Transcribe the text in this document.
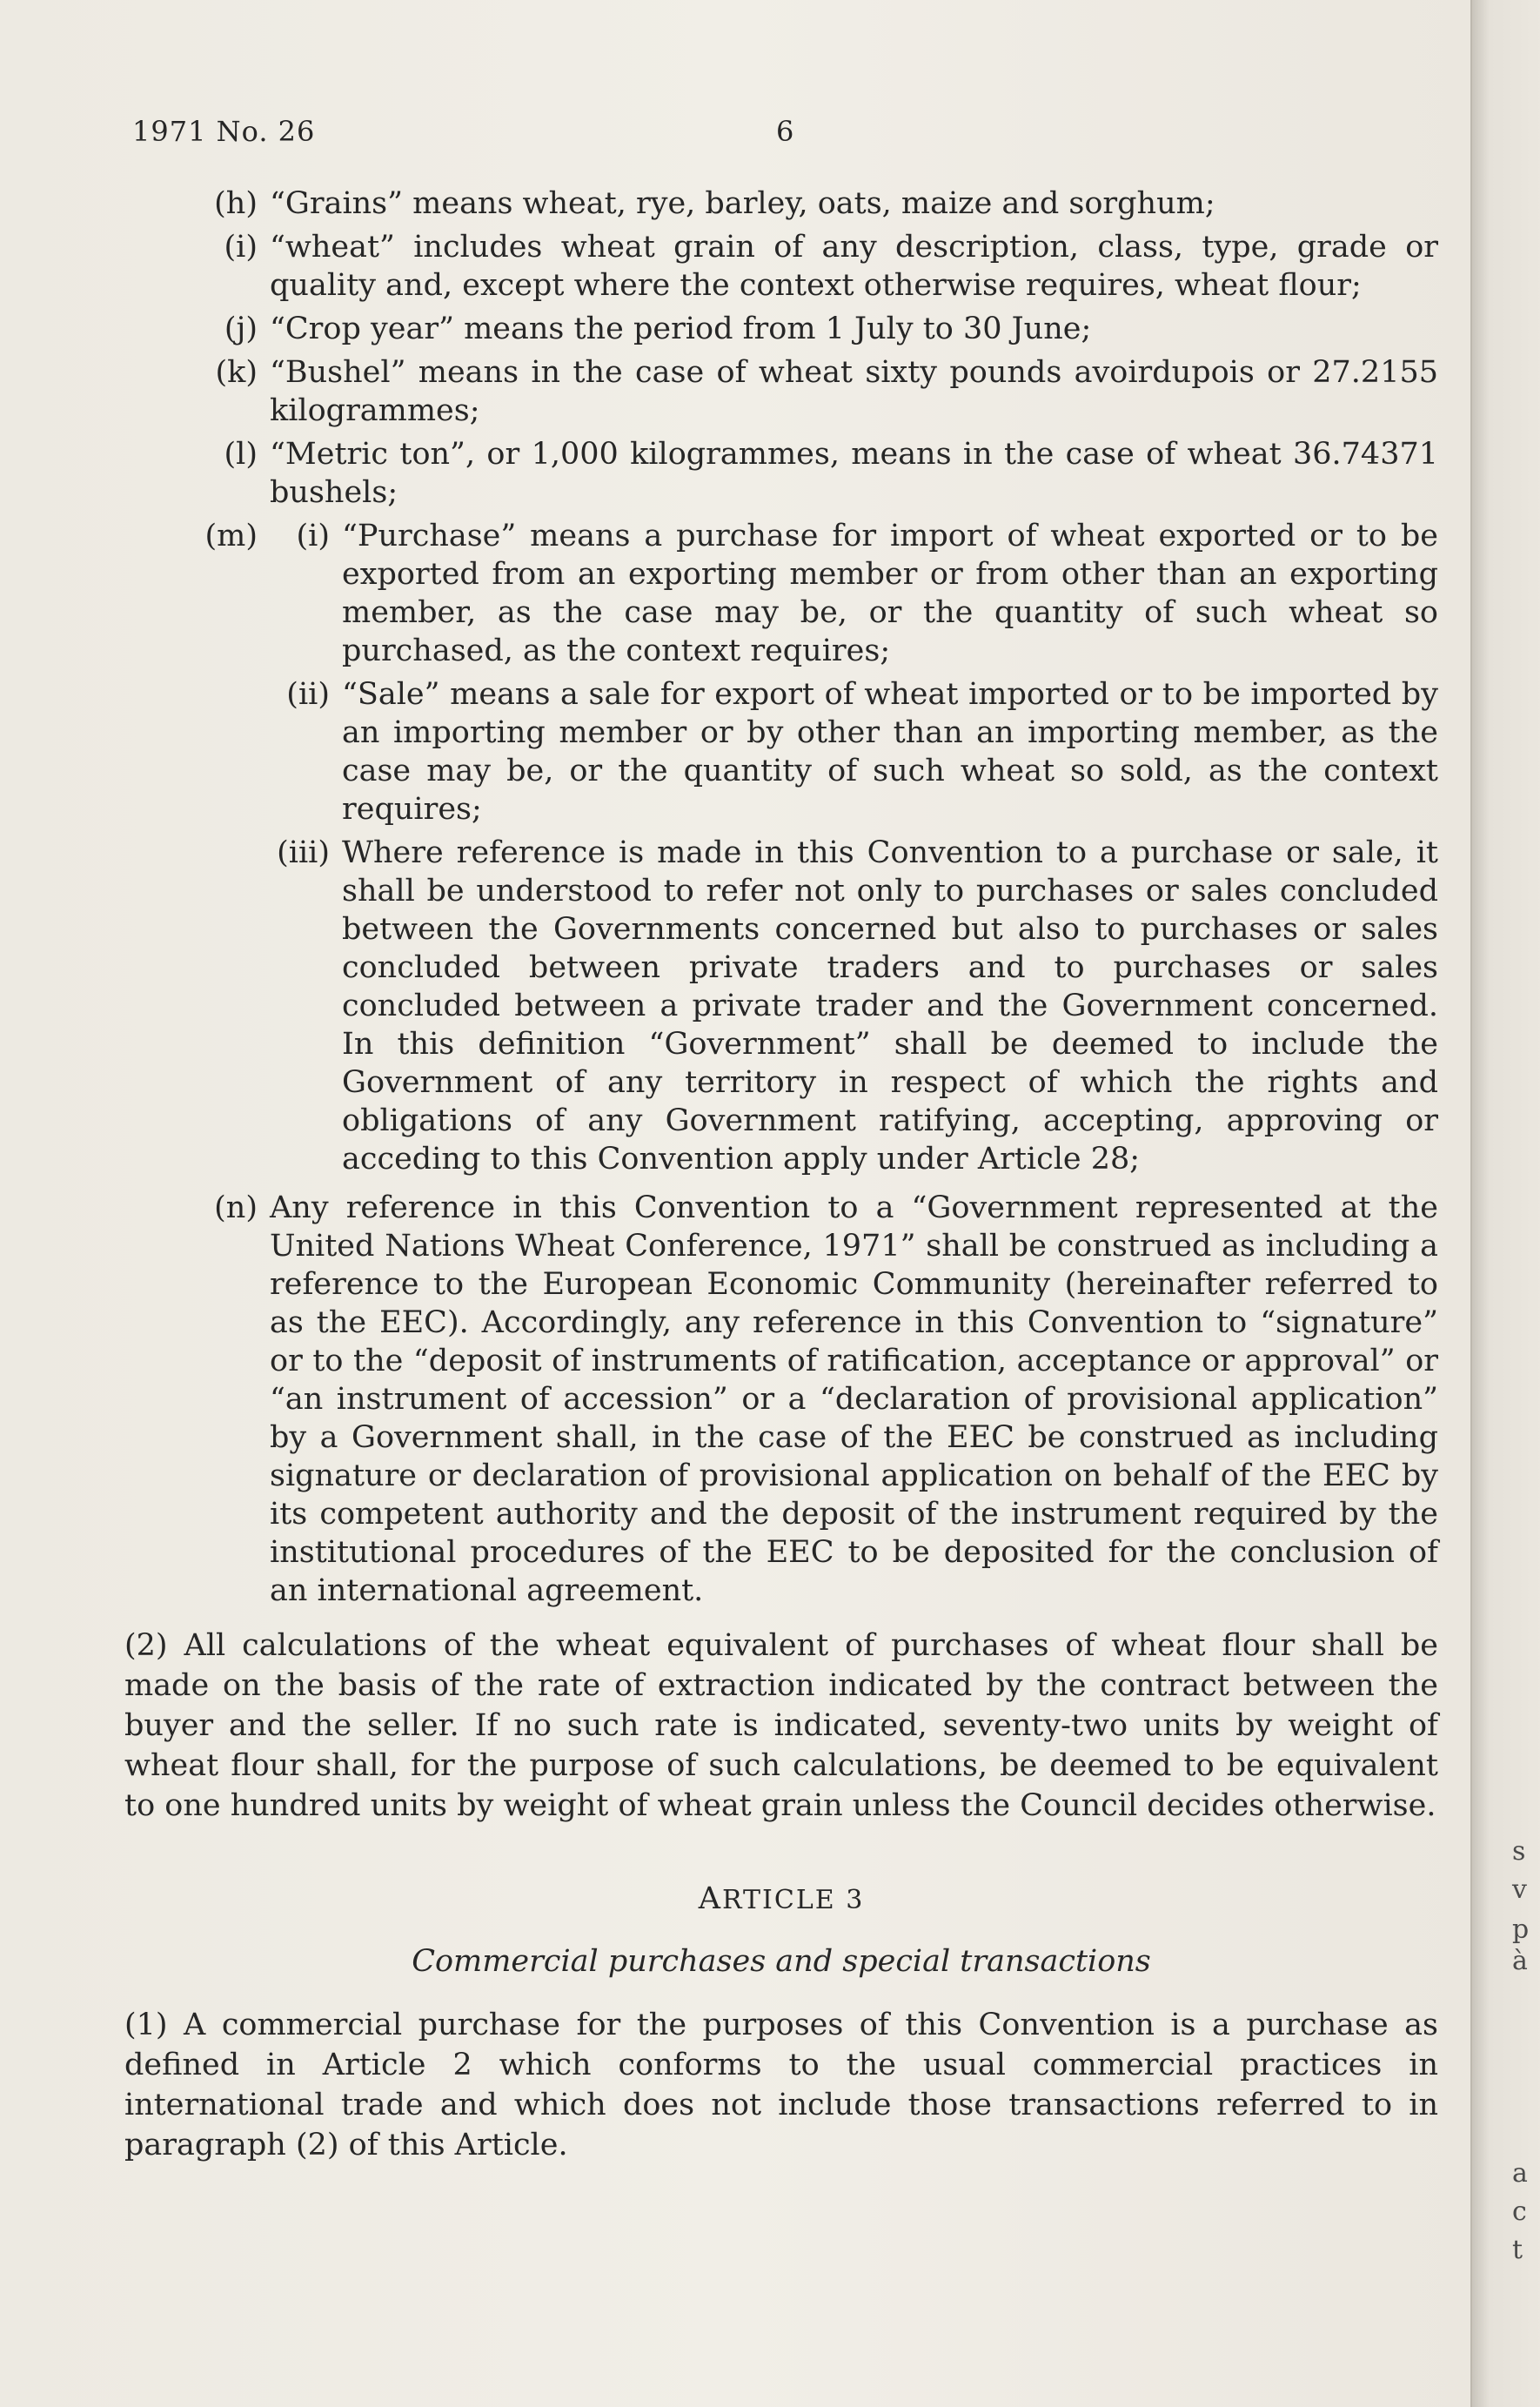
1971 No. 26	6
(h) “Grains” means wheat, rye, barley, oats, maize and sorghum;
(i) “wheat” includes wheat grain of any description, class, type, grade or quality and, except where the context otherwise requires, wheat flour;
(j) “Crop year” means the period from 1 July to 30 June;
(k) “Bushel” means in the case of wheat sixty pounds avoirdupois or 27.2155 kilogrammes;
(l) “Metric ton”, or 1,000 kilogrammes, means in the case of wheat 36.74371 bushels;
(m)	(i) “Purchase” means a purchase for import of wheat exported or to be exported from an exporting member or from other than an exporting member, as the case may be, or the quantity of such wheat so purchased, as the context requires;
(ii) “Sale” means a sale for export of wheat imported or to be imported by an importing member or by other than an importing member, as the case may be, or the quantity of such wheat so sold, as the context requires;
(iii) Where reference is made in this Convention to a purchase or sale, it shall be understood to refer not only to purchases or sales concluded between the Governments concerned but also to purchases or sales concluded between private traders and to purchases or sales concluded between a private trader and the Government concerned. In this definition “Government” shall be deemed to include the Government of any territory in respect of which the rights and obligations of any Government ratifying, accepting, approving or acceding to this Convention apply under Article 28;
(n) Any reference in this Convention to a “Government represented at the United Nations Wheat Conference, 1971” shall be construed as including a reference to the European Economic Community (hereinafter referred to as the EEC). Accordingly, any reference in this Convention to “signature” or to the “deposit of instruments of ratification, acceptance or approval” or “an instrument of accession” or a “declaration of provisional application” by a Government shall, in the case of the EEC be construed as including signature or declaration of provisional application on behalf of the EEC by its competent authority and the deposit of the instrument required by the institutional procedures of the EEC to be deposited for the conclusion of an international agreement.
(2) All calculations of the wheat equivalent of purchases of wheat flour shall be made on the basis of the rate of extraction indicated by the contract between the buyer and the seller. If no such rate is indicated, seventy-two units by weight of wheat flour shall, for the purpose of such calculations, be deemed to be equivalent to one hundred units by weight of wheat grain unless the Council decides otherwise.
ARTICLE 3
Commercial purchases and special transactions
(1) A commercial purchase for the purposes of this Convention is a purchase as defined in Article 2 which conforms to the usual commercial practices in international trade and which does not include those transactions referred to in paragraph (2) of this Article.
s
v
p
à
a
c
t
